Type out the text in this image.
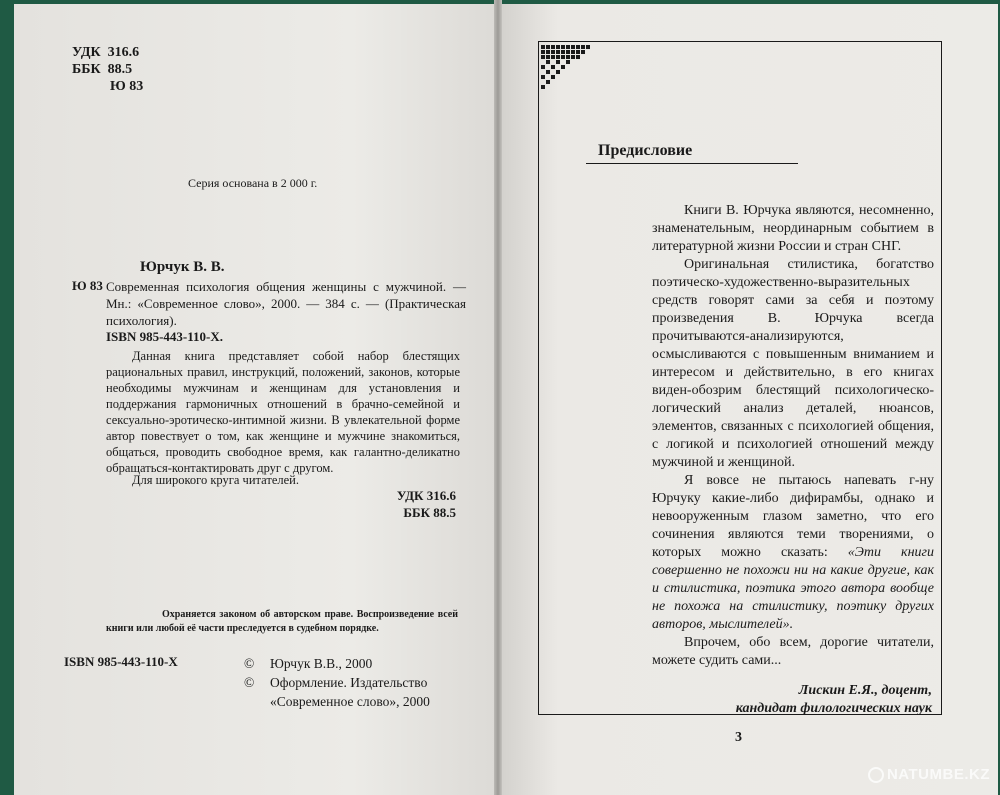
УДК  316.6
ББК  88.5
Ю 83
Серия основана в 2 000 г.
Юрчук В. В.
Ю 83 Современная психология общения женщины с мужчиной. — Мн.: «Современное слово», 2000. — 384 с. — (Практическая психология).
ISBN 985-443-110-X.
Данная книга представляет собой набор блестящих рациональных правил, инструкций, положений, законов, которые необходимы мужчинам и женщинам для установления и поддержания гармоничных отношений в брачно-семейной и сексуально-эротическо-интимной жизни. В увлекательной форме автор повествует о том, как женщине и мужчине знакомиться, общаться, проводить свободное время, как галантно-деликатно обращаться-контактировать друг с другом.
Для широкого круга читателей.
УДК 316.6
ББК 88.5
Охраняется законом об авторском праве. Воспроизведение всей книги или любой её части преследуется в судебном порядке.
ISBN 985-443-110-X	©	Юрчук В.В., 2000
©	Оформление. Издательство
«Современное слово», 2000
Предисловие

Книги В. Юрчука являются, несомненно, знаменательным, неординарным событием в литературной жизни России и стран СНГ.

Оригинальная стилистика, богатство поэтическо-художественно-выразительных средств говорят сами за себя и поэтому произведения В. Юрчука всегда прочитываются-анализируются, осмысливаются с повышенным вниманием и интересом и действительно, в его книгах виден-обозрим блестящий психологическо-логический анализ деталей, нюансов, элементов, связанных с психологией общения, с логикой и психологией отношений между мужчиной и женщиной.

Я вовсе не пытаюсь напевать г-ну Юрчуку какие-либо дифирамбы, однако и невооруженным глазом заметно, что его сочинения являются теми творениями, о которых можно сказать: «Эти книги совершенно не похожи ни на какие другие, как и стилистика, поэтика этого автора вообще не похожа на стилистику, поэтику других авторов, мыслителей».

Впрочем, обо всем, дорогие читатели, можете судить сами...

Лискин Е.Я., доцент,
кандидат филологических наук
3
NATUMBE.KZ
